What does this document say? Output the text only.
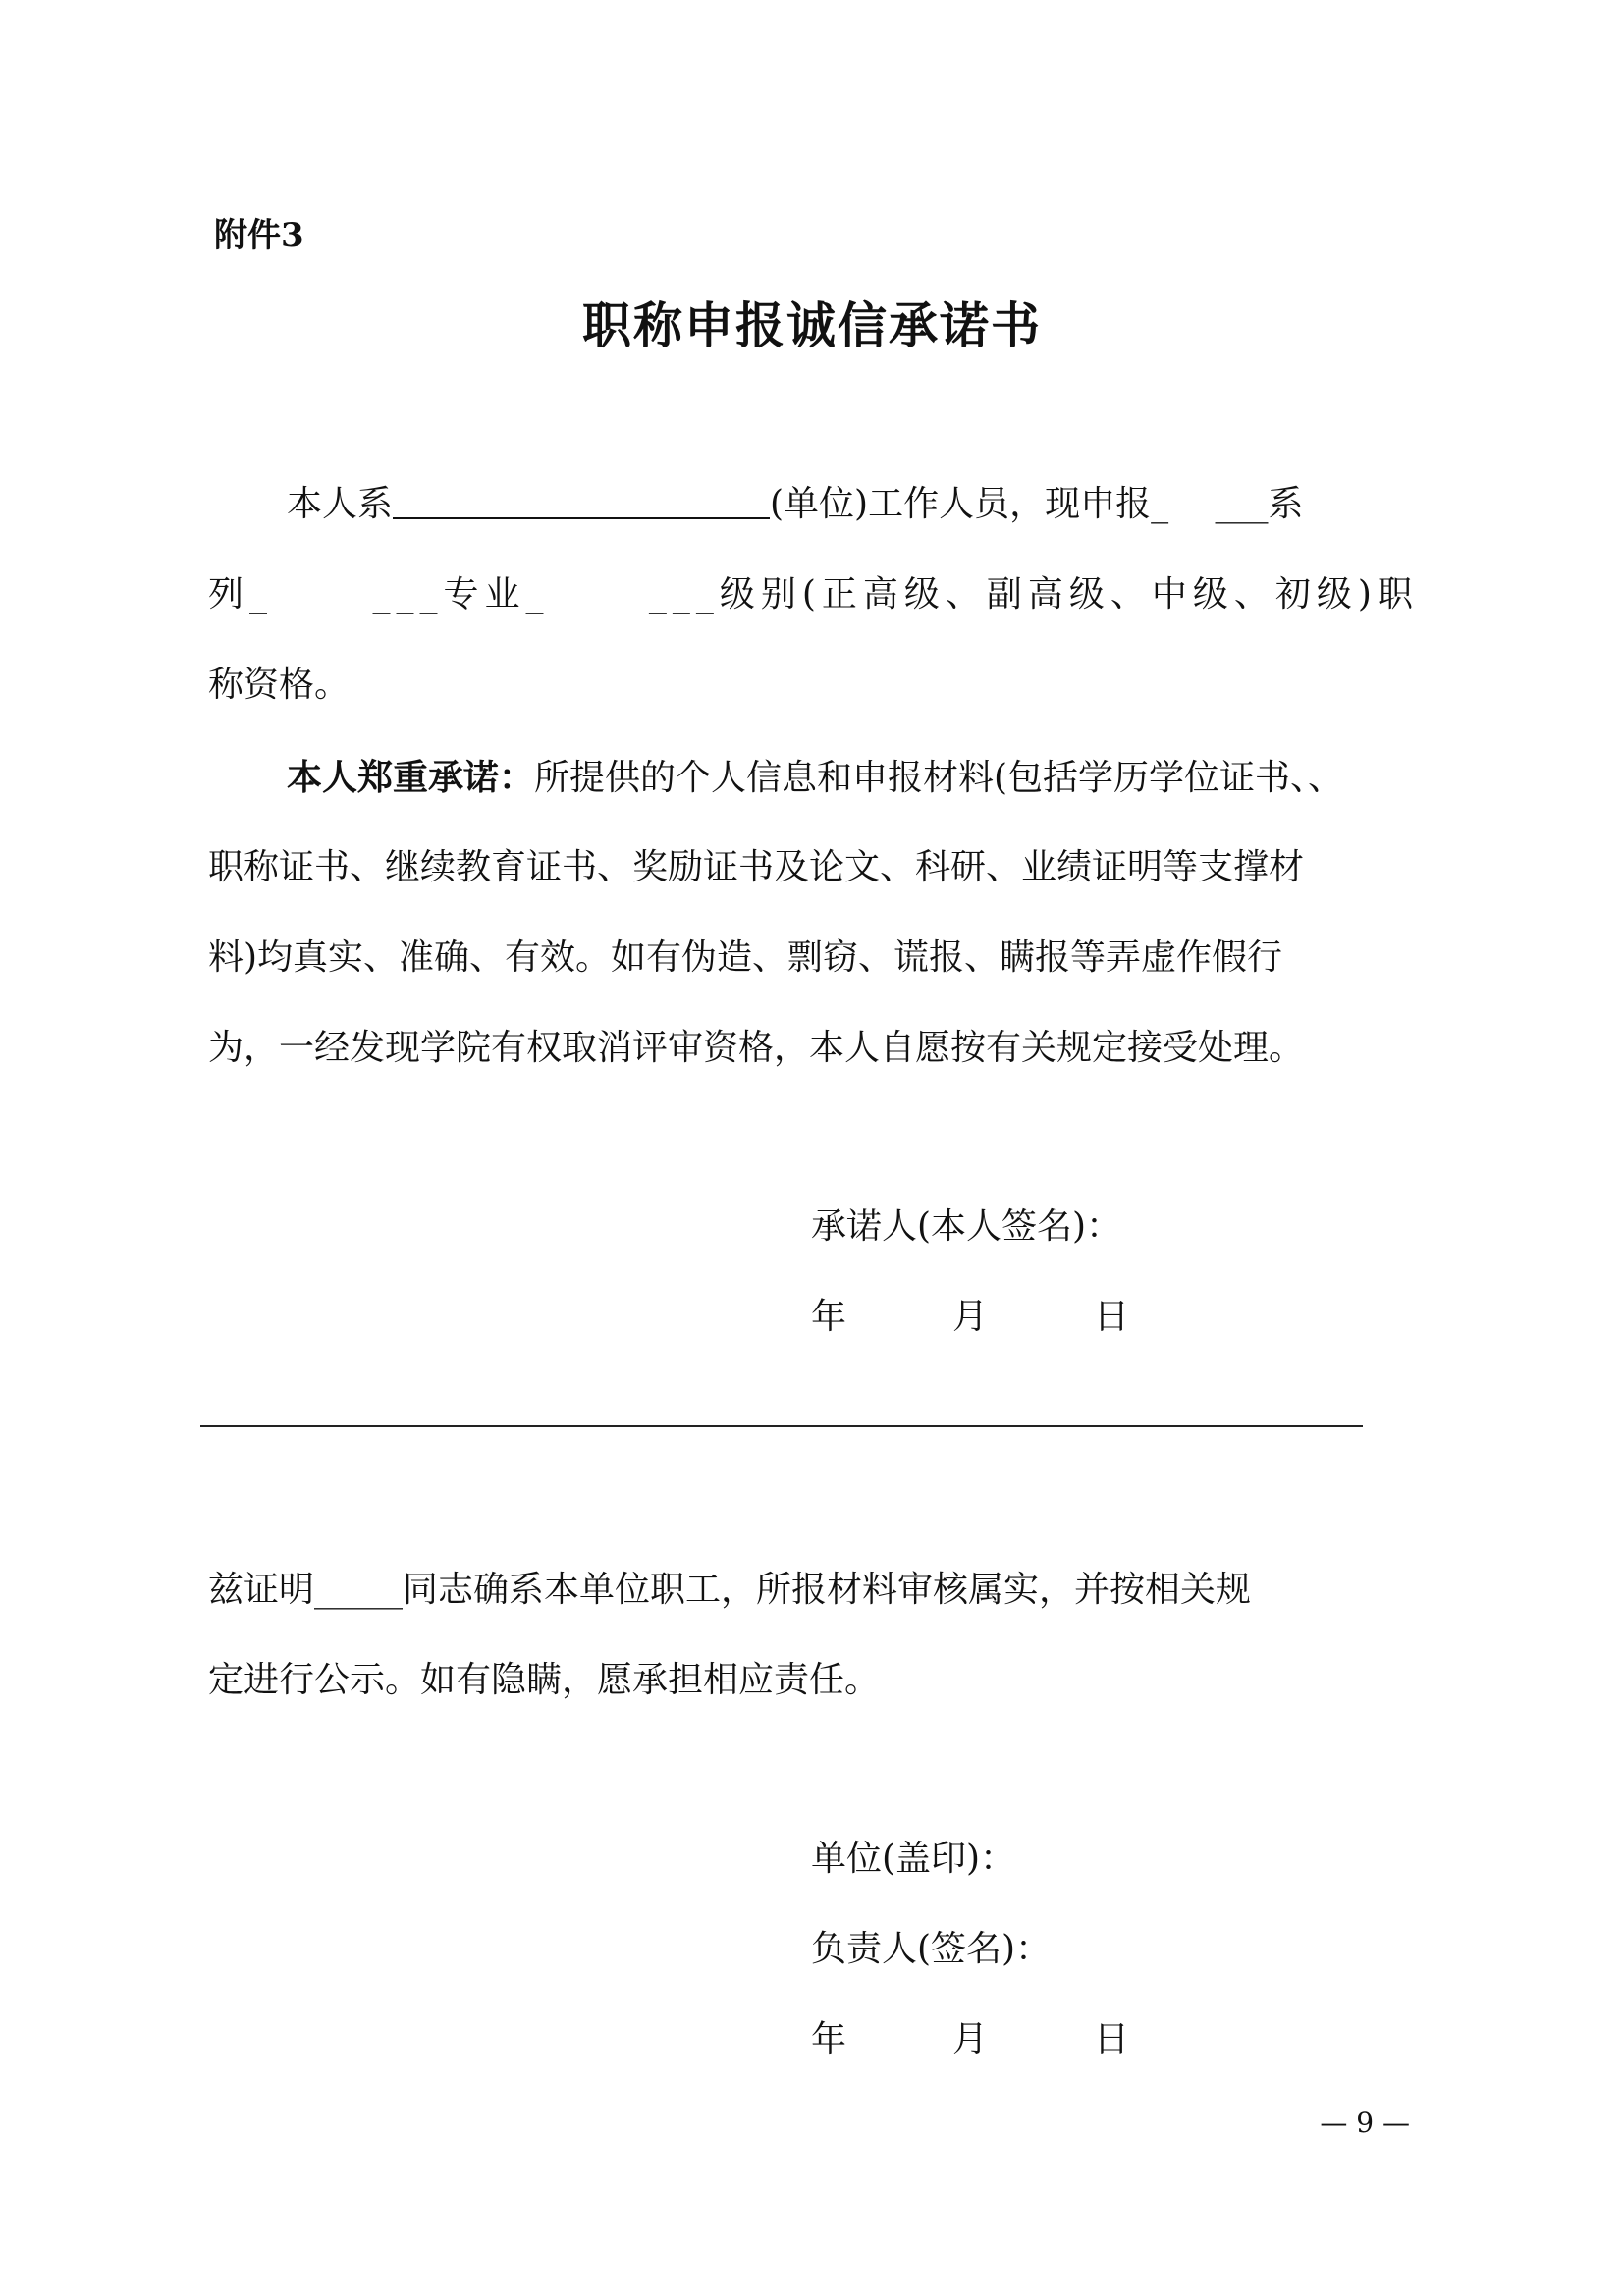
附件3
职称申报诚信承诺书
本人系	(单位)工作人员，现申报_　 ___系
列_　 　___专业_　 　___级别(正高级、副高级、中级、初级)职
称资格。
本人郑重承诺：所提供的个人信息和申报材料(包括学历学位证书、、
职称证书、继续教育证书、奖励证书及论文、科研、业绩证明等支撑材
料)均真实、准确、有效。如有伪造、剽窃、谎报、瞒报等弄虚作假行
为，一经发现学院有权取消评审资格，本人自愿按有关规定接受处理。
承诺人(本人签名)：
年　　　月　　　日
兹证明_____同志确系本单位职工，所报材料审核属实，并按相关规
定进行公示。如有隐瞒，愿承担相应责任。
单位(盖印)：
负责人(签名)：
年　　　月　　　日
— 9 —
